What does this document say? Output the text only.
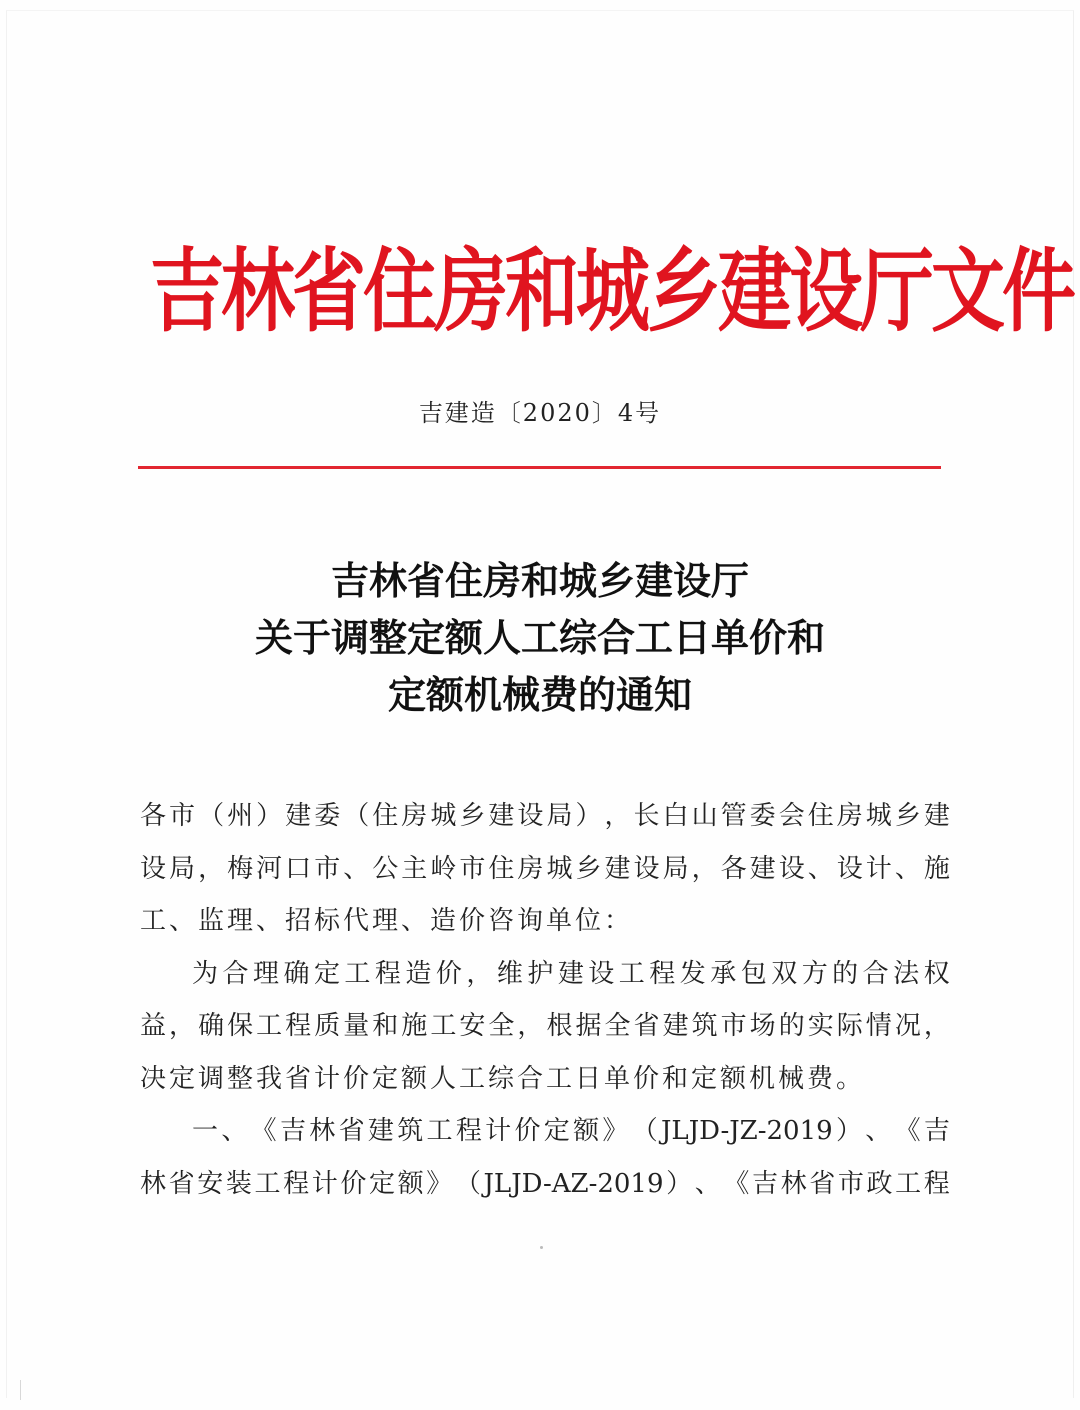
吉林省住房和城乡建设厅文件
吉建造〔2020〕4号
吉林省住房和城乡建设厅
关于调整定额人工综合工日单价和
定额机械费的通知
各 市 （ 州 ） 建 委 （ 住 房 城 乡 建 设 局 ） ， 长 白 山 管 委 会 住 房 城 乡 建
设 局 ， 梅 河 口 市 、 公 主 岭 市 住 房 城 乡 建 设 局 ， 各 建 设 、 设 计 、 施
工、监理、招标代理、造价咨询单位：
为 合 理 确 定 工 程 造 价 ， 维 护 建 设 工 程 发 承 包 双 方 的 合 法 权
益 ， 确 保 工 程 质 量 和 施 工 安 全 ， 根 据 全 省 建 筑 市 场 的 实 际 情 况 ，
决定调整我省计价定额人工综合工日单价和定额机械费。
一 、 《 吉 林 省 建 筑 工 程 计 价 定 额 》 （ JLJD-JZ-2019 ） 、 《 吉
林 省 安 装 工 程 计 价 定 额 》 （ JLJD-AZ-2019 ） 、 《 吉 林 省 市 政 工 程
